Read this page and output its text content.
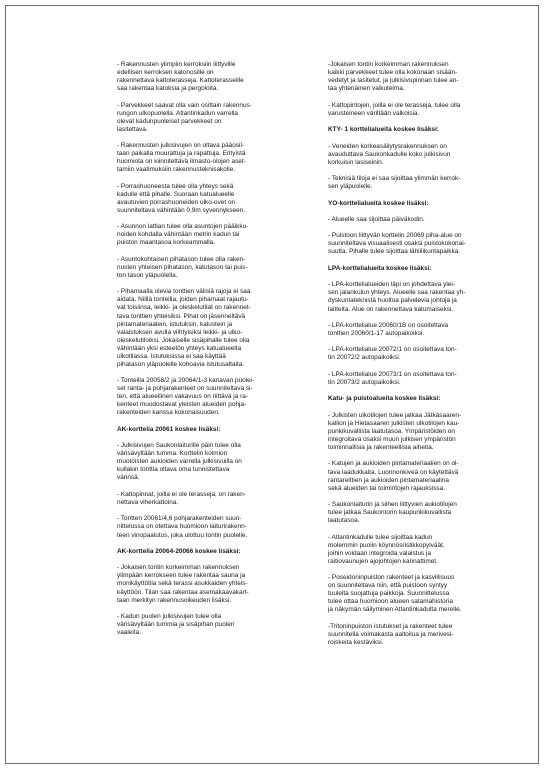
- Rakennusten ylimpiin kerroksiin liittyville
edellisen kerroksen katonosille on
rakennettava kattoterasseja. Kattoterasseille
saa rakentaa katoksia ja pergoloita.
- Parvekkeet saavat olla vain osittain rakennus-
rungon ulkopuolella. Atlantinkadun varrella
olevat kadunpuoleiset parvekkeet on
lasitettava.
- Rakennusten julkisivujen on oltava pääosil-
taan paikalla muurattuja ja rapattuja. Erityistä
huomiota on kiinnitettävä ilmasto-olojen aset-
tamiin vaatimuksiin rakennusteknisakolle.
- Porrashuoneesta tulee olla yhteys sekä
kadulle että pihalle. Suoraan katualueelle
avautuvien porrashuoneiden ulko-ovet on
suunniteltava vähintään 0,9m syvennykseen.
- Asunnon lattian tulee olla asuntojen pääikku-
noiden kohdalla vähintään metrin kadun tai
puiston maantasoa korkeammalla.
- Asuntokohtaisen pihatason tulee olla raken-
nusten yhteisen pihatason, katutason tai puis-
ton tason yläpuolella.
- Pihamaalla olevia tonttien välisiä rajoja ei saa
aidata. Niillä tonteilla, joiden pihamaat rajautu-
vat toisiinsa, leikki- ja oleskelutilat on rakennet-
tava tonttien yhteisiksi. Pihat on jäsenneltävä
pintamateriaalein, istutuksin, kalustein ja
valaistuksen avulla viihtyisiksi leikki- ja ulko-
oleskelutiloiksi. Jokaiselle sisäpihalle tulee olla
vähintään yksi esteetön yhteys katualueelta
ulkotilassa. Istutuksissa ei saa käyttää
pihatason yläpuolelle kohoavia istutusaltaita.
- Tonteilla 20058/2 ja 20064/1-3 kanavan puolei-
set ranta- ja pohjarakenteet on suunniteltava si-
ten, että alueellinen vakavuus on riittävä ja ra-
kenteet muodostavat yleisten alueiden pohja-
rakenteiden kanssa kokonaisuuden.
AK-korttelia 20061 koskee lisäksi:
- Julkisivujen Saukonlaiturille päin tulee olla
värisävyltään tumma. Korttelin kolmion
muotoisten aukioiden varrella julkisivuilla on
kullakin tonttia oltava oma tunnistettava
värinsä.
- Kattopinnat, joilla ei ole terasseja, on raken-
nettava viherkattoina.
- Tontten 20061/4,6 pohjarakenteiden suun-
nittelussa on otettava huomioon laiturirakenn-
teen vinopaalutus, joka ulottuu tontin puolelle.
AK-korttelia 20064-20066 koskee lisäksi:
- Jokaisen tontin korkeimman rakennuksen
ylimpään kerrokseen tulee rakentaa sauna ja
monikäyttötila sekä terassi asukkaiden yhteis-
käyttöön. Tilan saa rakentaa asemakaavakart-
taan merkityn rakennusoikeuden lisäksi.
- Kadun puolen julkisivujen tulee olla
värisävyltään tummia ja sisäpihan puolen
vaaleita.
-Jokaisen tontin korkeimman rakennuksen
kaikki parvekkeet tulee olla kokonaan sisään-
vedetyt ja lasitetut, ja julkisivupinnan tulee an-
taa yhtenäinen vaikutelma.
- Kattopintojen, joilla ei ole terasseja, tulee olla
varusteineen väriltään valkoisia.
KTY- 1 korttelialueita koskee lisäksi:
- Veneiden korkeasäilytysrakennuksen on
avauduttava Saukonkadulle koko julkisivun
korkuisin lasiseinin.
- Teknisiä tiloja ei saa sijoittaa ylimmän kerrok-
sen yläpuolelle.
YO-korttelialueita koskee lisäksi:
- Alueelle saa sijoittaa päiväkodin.
- Puistoon liittyvän korttelin 20069 piha-alue on
suunniteltava visuaalisesti osaksi puistokokonai-
suutta. Pihalle tulee sijoittaa lähiliikuntapaikka.
LPA-korttelialueita koskee lisäksi:
- LPA-korttelialueiden läpi on johdettava ylei-
sen jalankulun yhteys. Alueelle saa rakentaa yh-
dyskuntateknistä huoltoa palvelevia johtoja ja
laitteita. Alue on rakennettava katumaiseksi.
- LPA-korttelialue 20060/1B on osoitettava
tonttien 20060/1-17 autopaikoiksi.
- LPA-korttelialue 20072/1 on osoitettava ton-
tin 20072/2 autopaikoiksi.
- LPA-korttelialue 20073/1 on osoitettava ton-
tin 20073/2 autopaikoiksi.
Katu- ja puistoalueita koskee lisäksi:
- Julkisten ulkotilojen tulee jatkaa Jätkäsaaren-
kallion ja Hietasaaren julkisten ulkotilojen kau-
punkikuvallista laatutasoa. Ympäristöiden on
integroitava osaksi muun julkisen ympäristön
toiminnallisia ja rakenteellisia aiheita.
- Katujen ja aukioiden pintamateriaalien on ol-
tava laadukkaita. Luonnonkiveä on käytettävä
rantareittien ja aukioiden pintamateriaalina
sekä alueiden tai toimintojen rajauksissa.
- Saukonlaiturin ja siihen liittyvien aukiotilojen
tulee jatkaa Saukontorin kaupunkikuvallista
laatutasoa.
- Atlantinkadulle tulee sijoittaa kadun
molemmin puolin köynnösristikkopylväät,
joihin voidaan integroida valaistus ja
raitiovaunujen ajojohtojen kannattimet.
- Poseidoninpuiston rakenteet ja kasvillisuus
on suunniteltava niin, että puistoon syntyy
tuulelta suojattuja paikkoja. Suunnittelussa
tulee ottaa huomioon alueen satamahistoria
ja näkymän säilyminen Atlantinkadulta merelle.
-Tritoninpuiston istutukset ja rakenteet tulee
suunnitella voimakasta aaltoilua ja merivesi-
roiskeita kestäviksi.
